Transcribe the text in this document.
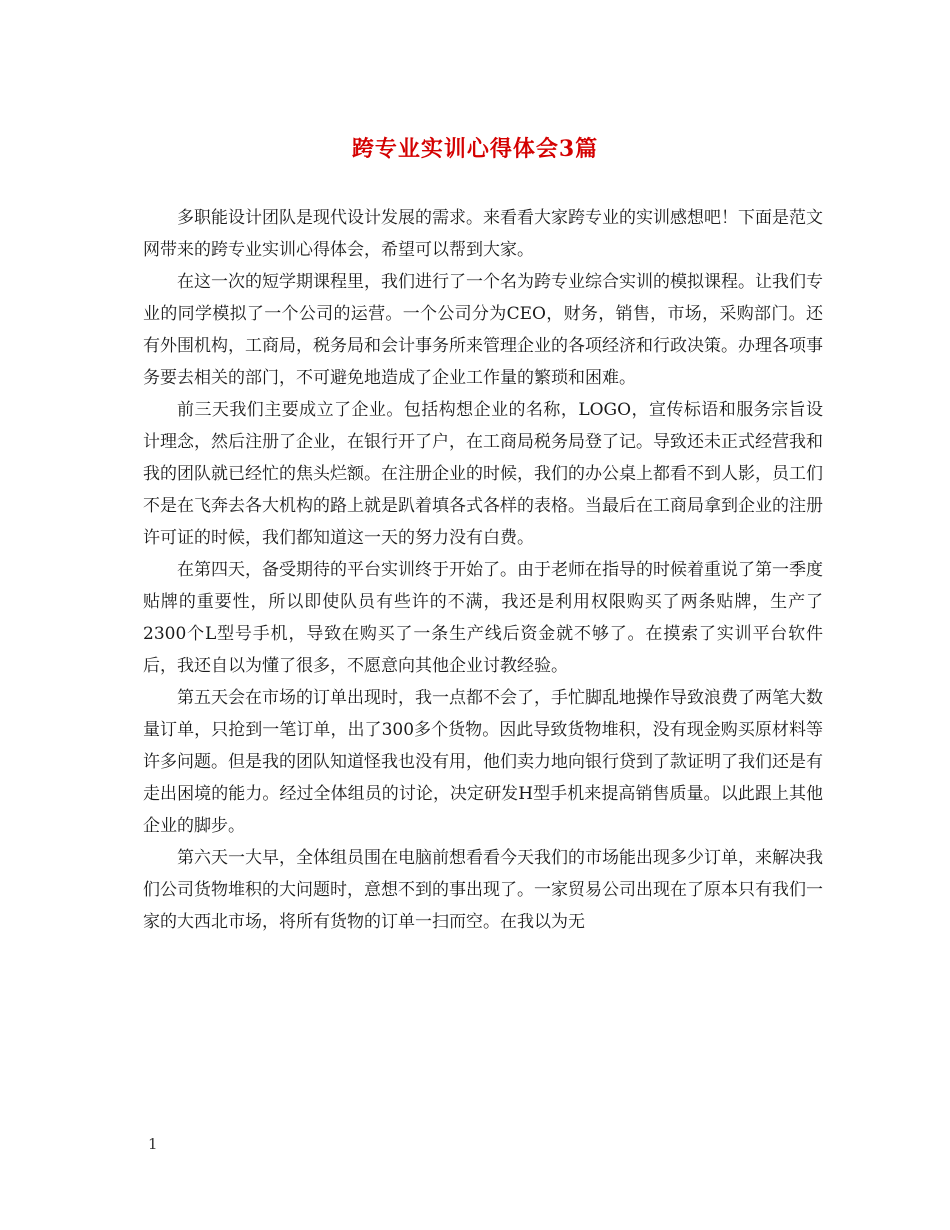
跨专业实训心得体会3篇

多职能设计团队是现代设计发展的需求。来看看大家跨专业的实训感想吧！下面是范文网带来的跨专业实训心得体会，希望可以帮到大家。

在这一次的短学期课程里，我们进行了一个名为跨专业综合实训的模拟课程。让我们专业的同学模拟了一个公司的运营。一个公司分为CEO，财务，销售，市场，采购部门。还有外围机构，工商局，税务局和会计事务所来管理企业的各项经济和行政决策。办理各项事务要去相关的部门，不可避免地造成了企业工作量的繁琐和困难。

前三天我们主要成立了企业。包括构想企业的名称，LOGO，宣传标语和服务宗旨设计理念，然后注册了企业，在银行开了户，在工商局税务局登了记。导致还未正式经营我和我的团队就已经忙的焦头烂额。在注册企业的时候，我们的办公桌上都看不到人影，员工们不是在飞奔去各大机构的路上就是趴着填各式各样的表格。当最后在工商局拿到企业的注册许可证的时候，我们都知道这一天的努力没有白费。

在第四天，备受期待的平台实训终于开始了。由于老师在指导的时候着重说了第一季度贴牌的重要性，所以即使队员有些许的不满，我还是利用权限购买了两条贴牌，生产了2300个L型号手机，导致在购买了一条生产线后资金就不够了。在摸索了实训平台软件后，我还自以为懂了很多，不愿意向其他企业讨教经验。

第五天会在市场的订单出现时，我一点都不会了，手忙脚乱地操作导致浪费了两笔大数量订单，只抢到一笔订单，出了300多个货物。因此导致货物堆积，没有现金购买原材料等许多问题。但是我的团队知道怪我也没有用，他们卖力地向银行贷到了款证明了我们还是有走出困境的能力。经过全体组员的讨论，决定研发H型手机来提高销售质量。以此跟上其他企业的脚步。

第六天一大早，全体组员围在电脑前想看看今天我们的市场能出现多少订单，来解决我们公司货物堆积的大问题时，意想不到的事出现了。一家贸易公司出现在了原本只有我们一家的大西北市场，将所有货物的订单一扫而空。在我以为无

1
